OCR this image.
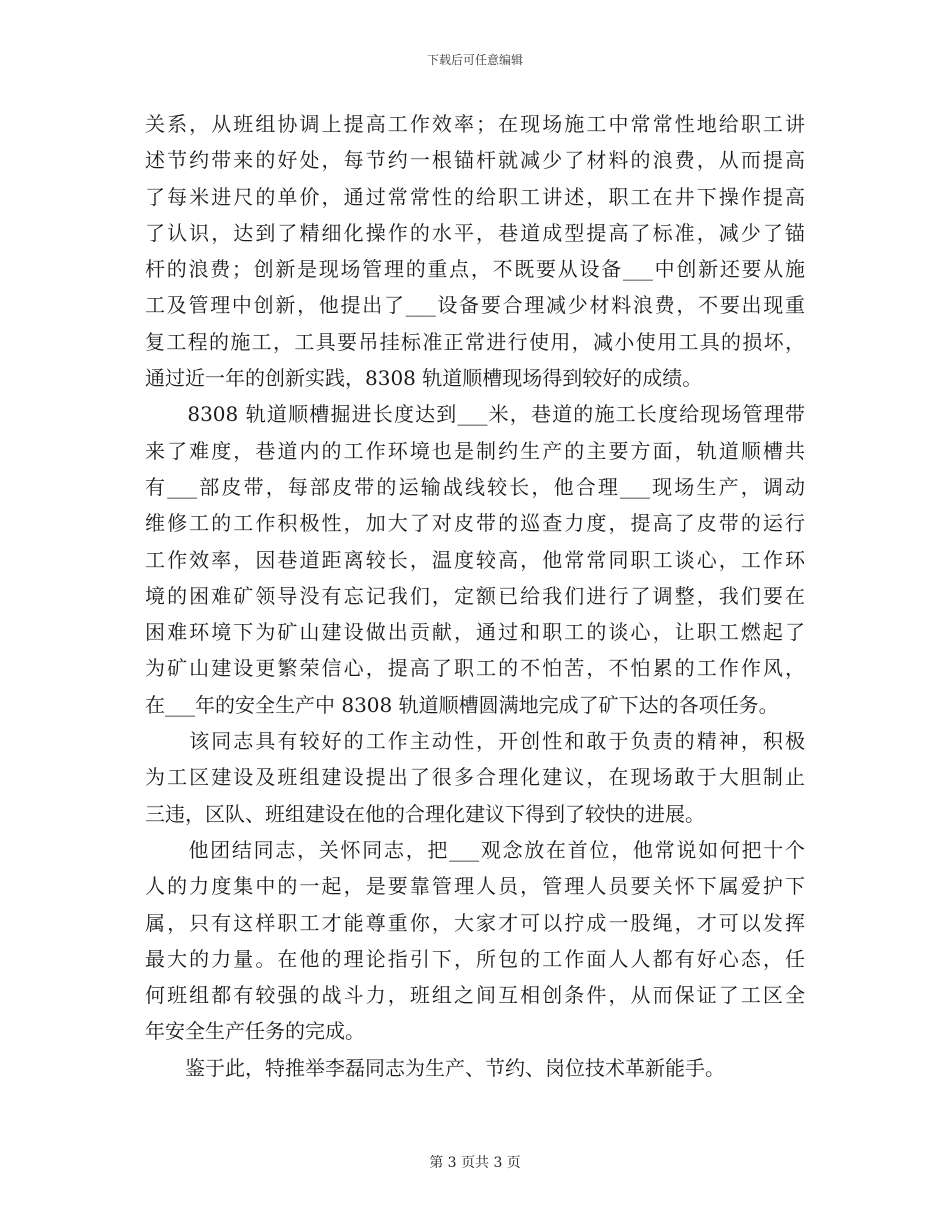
下载后可任意编辑
关系，从班组协调上提高工作效率；在现场施工中常常性地给职工讲
述节约带来的好处，每节约一根锚杆就减少了材料的浪费，从而提高
了每米进尺的单价，通过常常性的给职工讲述，职工在井下操作提高
了认识，达到了精细化操作的水平，巷道成型提高了标准，减少了锚
杆的浪费；创新是现场管理的重点，不既要从设备___中创新还要从施
工及管理中创新，他提出了___设备要合理减少材料浪费，不要出现重
复工程的施工，工具要吊挂标准正常进行使用，减小使用工具的损坏，
通过近一年的创新实践，8308 轨道顺槽现场得到较好的成绩。
　　8308 轨道顺槽掘进长度达到___米，巷道的施工长度给现场管理带
来了难度，巷道内的工作环境也是制约生产的主要方面，轨道顺槽共
有___部皮带，每部皮带的运输战线较长，他合理___现场生产，调动
维修工的工作积极性，加大了对皮带的巡查力度，提高了皮带的运行
工作效率，因巷道距离较长，温度较高，他常常同职工谈心，工作环
境的困难矿领导没有忘记我们，定额已给我们进行了调整，我们要在
困难环境下为矿山建设做出贡献，通过和职工的谈心，让职工燃起了
为矿山建设更繁荣信心，提高了职工的不怕苦，不怕累的工作作风，
在___年的安全生产中 8308 轨道顺槽圆满地完成了矿下达的各项任务。
　　该同志具有较好的工作主动性，开创性和敢于负责的精神，积极
为工区建设及班组建设提出了很多合理化建议，在现场敢于大胆制止
三违，区队、班组建设在他的合理化建议下得到了较快的进展。
　　他团结同志，关怀同志，把___观念放在首位，他常说如何把十个
人的力度集中的一起，是要靠管理人员，管理人员要关怀下属爱护下
属，只有这样职工才能尊重你，大家才可以拧成一股绳，才可以发挥
最大的力量。在他的理论指引下，所包的工作面人人都有好心态，任
何班组都有较强的战斗力，班组之间互相创条件，从而保证了工区全
年安全生产任务的完成。
　　鉴于此，特推举李磊同志为生产、节约、岗位技术革新能手。
第 3 页共 3 页
